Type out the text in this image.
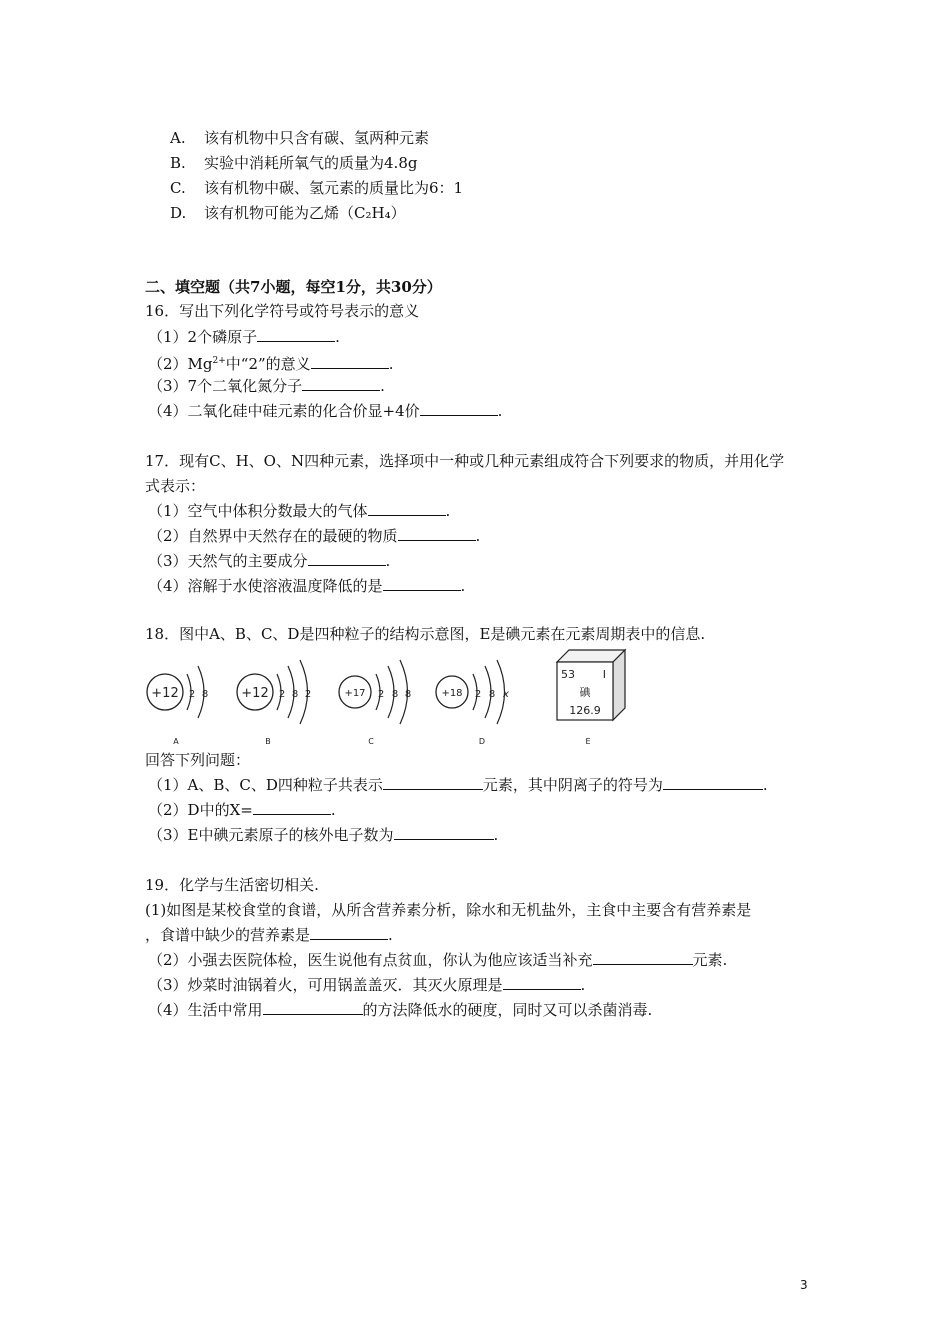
A. 该有机物中只含有碳、氢两种元素
B. 实验中消耗所氧气的质量为4.8g
C. 该有机物中碳、氢元素的质量比为6：1
D. 该有机物可能为乙烯（C₂H₄）
二、填空题（共7小题，每空1分，共30分）
16．写出下列化学符号或符号表示的意义
（1）2个磷原子	.
$(2)Mg^{2+}$中“2”的意义	.
（3）7个二氧化氮分子	.
（4）二氧化硅中硅元素的化合价显+4价	.
17．现有C、H、O、N四种元素，选择项中一种或几种元素组成符合下列要求的物质，并用化学
式表示：
（1）空气中体积分数最大的气体	.
（2）自然界中天然存在的最硬的物质	.
（3）天然气的主要成分	.
（4）溶解于水使溶液温度降低的是	.
18．图中A、B、C、D是四种粒子的结构示意图，E是碘元素在元素周期表中的信息.
+12 2 8
A
+12 2 8 2
B
+17 2 8 8
C
+18 2 8 x
D
53	I
碘
126.9
E
回答下列问题：
（1）A、B、C、D四种粒子共表示	元素，其中阴离子的符号为	.
（2）D中的X=	.
（3）E中碘元素原子的核外电子数为	.
19．化学与生活密切相关.
(1)如图是某校食堂的食谱，从所含营养素分析，除水和无机盐外，主食中主要含有营养素是
，食谱中缺少的营养素是	.
（2）小强去医院体检，医生说他有点贫血，你认为他应该适当补充	元素.
（3）炒菜时油锅着火，可用锅盖盖灭．其灭火原理是	.
（4）生活中常用	的方法降低水的硬度，同时又可以杀菌消毒.
3
